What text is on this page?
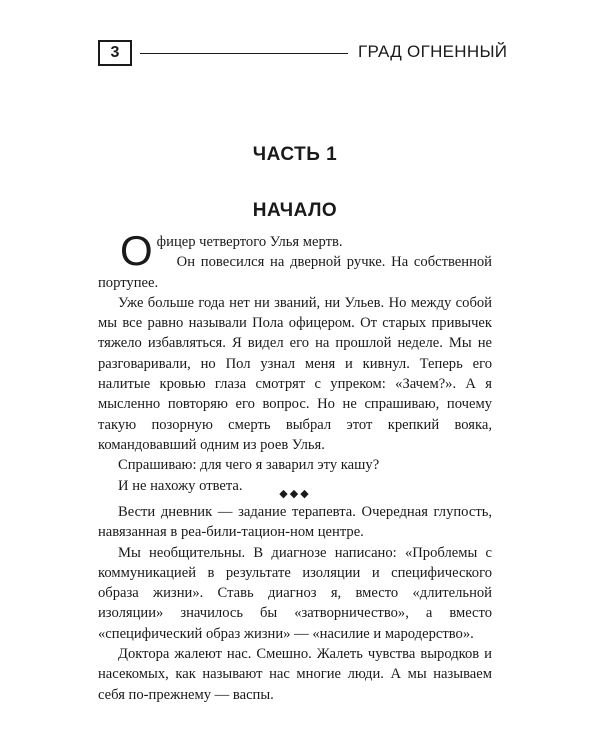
3	ГРАД ОГНЕННЫЙ
ЧАСТЬ 1
НАЧАЛО

Офицер четвертого Улья мертв.

Он повесился на дверной ручке. На собственной портупее.

Уже больше года нет ни званий, ни Ульев. Но между собой мы все равно называли Пола офицером. От старых привычек тяжело избавляться. Я видел его на прошлой неделе. Мы не разговаривали, но Пол узнал меня и кивнул. Теперь его налитые кровью глаза смотрят с упреком: «Зачем?». А я мысленно повторяю его вопрос. Но не спрашиваю, почему такую позорную смерть выбрал этот крепкий вояка, командовавший одним из роев Улья.

Спрашиваю: для чего я заварил эту кашу?

И не нахожу ответа.	◆◆◆

Вести дневник — задание терапевта. Очередная глупость, навязанная в реа-били-тацион-ном центре.

Мы необщительны. В диагнозе написано: «Проблемы с коммуникацией в результате изоляции и специфического образа жизни». Ставь диагноз я, вместо «длительной изоляции» значилось бы «затворничество», а вместо «специфический образ жизни» — «насилие и мародерство».

Доктора жалеют нас. Смешно. Жалеть чувства выродков и насекомых, как называют нас многие люди. А мы называем себя по-прежнему — васпы.
